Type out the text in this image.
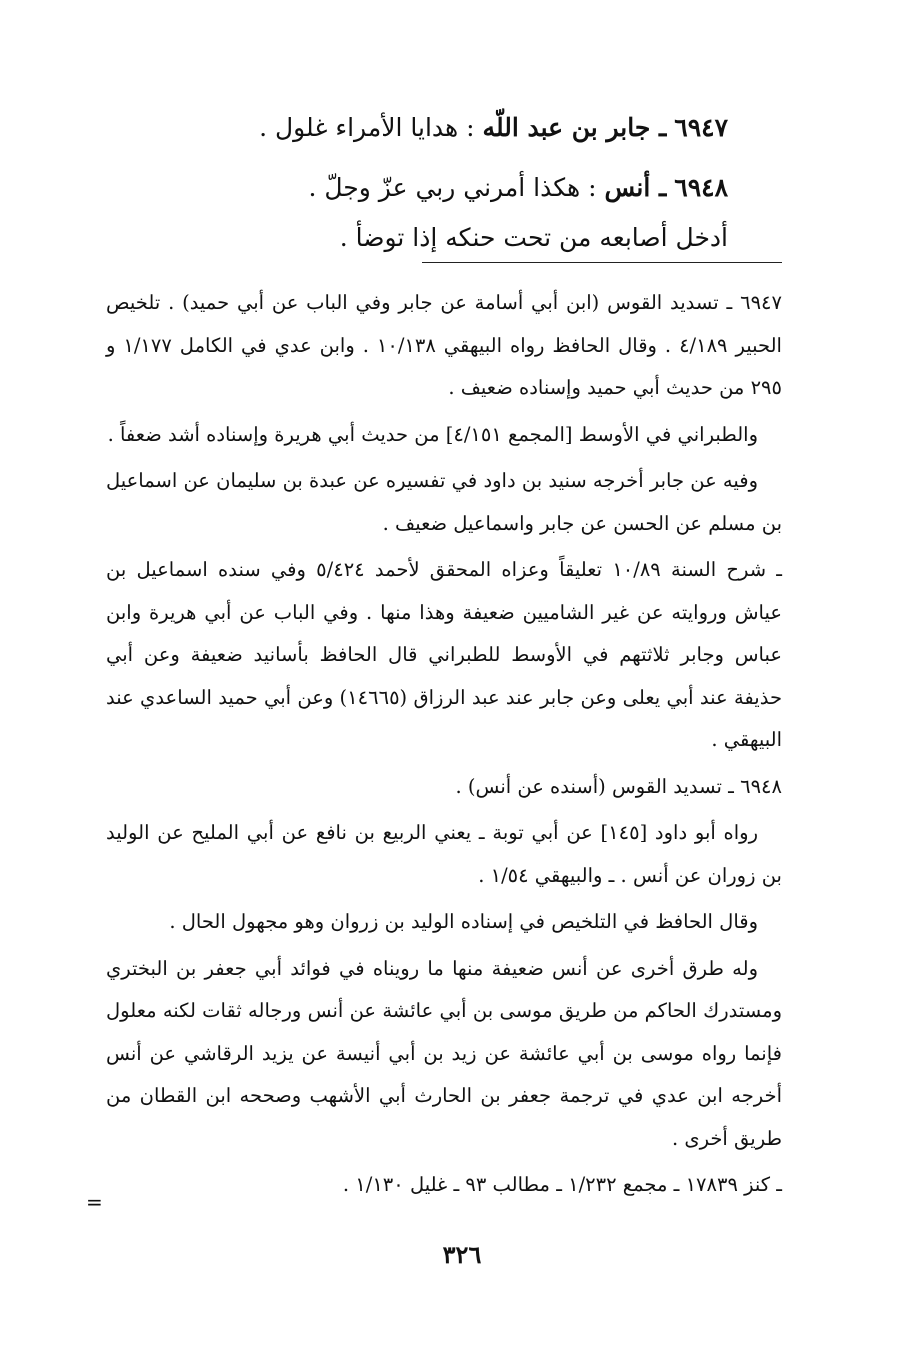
٦٩٤٧ ـ جابر بن عبد اللّه : هدايا الأمراء غلول .

٦٩٤٨ ـ أنس : هكذا أمرني ربي عزّ وجلّ .

أدخل أصابعه من تحت حنكه إذا توضأ .

٦٩٤٧ ـ تسديد القوس (ابن أبي أسامة عن جابر وفي الباب عن أبي حميد) . تلخيص الحبير ٤/١٨٩ . وقال الحافظ رواه البيهقي ١٠/١٣٨ . وابن عدي في الكامل ١/١٧٧ و ٢٩٥ من حديث أبي حميد وإسناده ضعيف .

والطبراني في الأوسط [المجمع ٤/١٥١] من حديث أبي هريرة وإسناده أشد ضعفاً .

وفيه عن جابر أخرجه سنيد بن داود في تفسيره عن عبدة بن سليمان عن اسماعيل بن مسلم عن الحسن عن جابر واسماعيل ضعيف .

ـ شرح السنة ١٠/٨٩ تعليقاً وعزاه المحقق لأحمد ٥/٤٢٤ وفي سنده اسماعيل بن عياش وروايته عن غير الشاميين ضعيفة وهذا منها . وفي الباب عن أبي هريرة وابن عباس وجابر ثلاثتهم في الأوسط للطبراني قال الحافظ بأسانيد ضعيفة وعن أبي حذيفة عند أبي يعلى وعن جابر عند عبد الرزاق (١٤٦٦٥) وعن أبي حميد الساعدي عند البيهقي .

٦٩٤٨ ـ تسديد القوس (أسنده عن أنس) .

رواه أبو داود [١٤٥] عن أبي توبة ـ يعني الربيع بن نافع عن أبي المليح عن الوليد بن زوران عن أنس . ـ والبيهقي ١/٥٤ .

وقال الحافظ في التلخيص في إسناده الوليد بن زروان وهو مجهول الحال .

وله طرق أخرى عن أنس ضعيفة منها ما رويناه في فوائد أبي جعفر بن البختري ومستدرك الحاكم من طريق موسى بن أبي عائشة عن أنس ورجاله ثقات لكنه معلول فإنما رواه موسى بن أبي عائشة عن زيد بن أبي أنيسة عن يزيد الرقاشي عن أنس أخرجه ابن عدي في ترجمة جعفر بن الحارث أبي الأشهب وصححه ابن القطان من طريق أخرى .

ـ كنز ١٧٨٣٩ ـ مجمع ١/٢٣٢ ـ مطالب ٩٣ ـ غليل ١/١٣٠ .

=
٣٢٦
